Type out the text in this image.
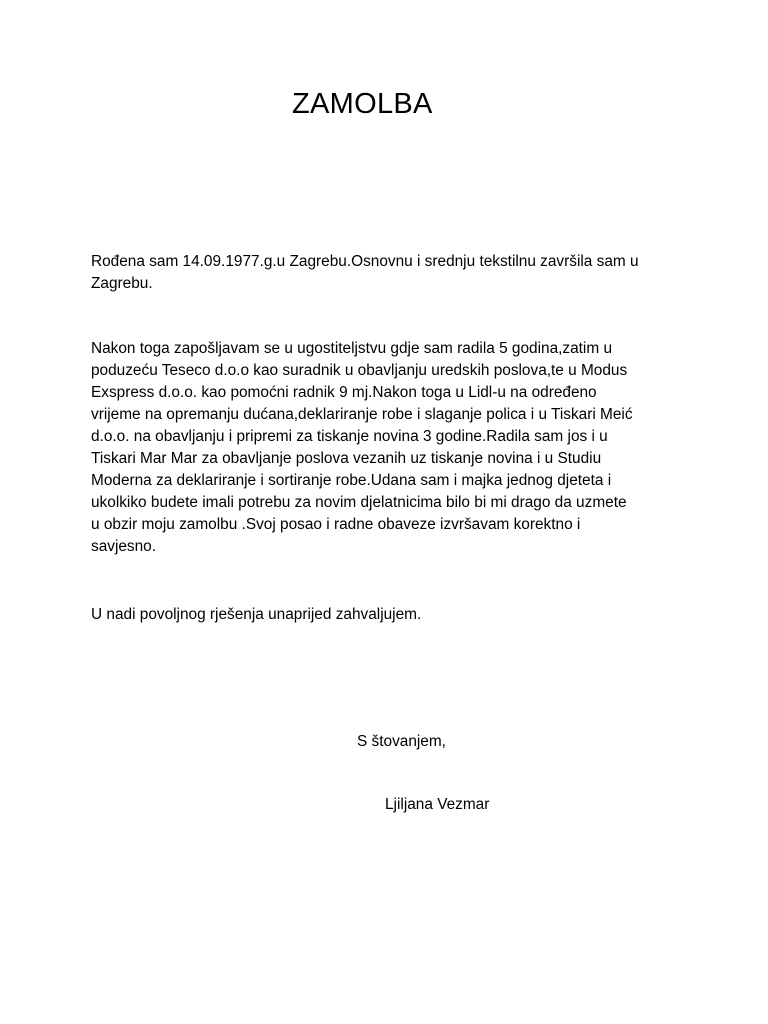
ZAMOLBA
Rođena sam 14.09.1977.g.u Zagrebu.Osnovnu i srednju tekstilnu završila sam u
Zagrebu.
Nakon toga zapošljavam se u ugostiteljstvu gdje sam radila 5 godina,zatim u
poduzeću Teseco d.o.o kao suradnik u obavljanju uredskih poslova,te u Modus
Exspress d.o.o. kao pomoćni radnik 9 mj.Nakon toga u Lidl-u na određeno
vrijeme na opremanju dućana,deklariranje robe i slaganje polica i u Tiskari Meić
d.o.o. na obavljanju i pripremi za tiskanje novina 3 godine.Radila sam jos i u
Tiskari Mar Mar za obavljanje poslova vezanih uz tiskanje novina i u Studiu
Moderna za deklariranje i sortiranje robe.Udana sam i majka jednog djeteta i
ukolkiko budete imali potrebu za novim djelatnicima bilo bi mi drago da uzmete
u obzir moju zamolbu .Svoj posao i radne obaveze izvršavam korektno i
savjesno.
U nadi povoljnog rješenja unaprijed zahvaljujem.
S štovanjem,
Ljiljana Vezmar
